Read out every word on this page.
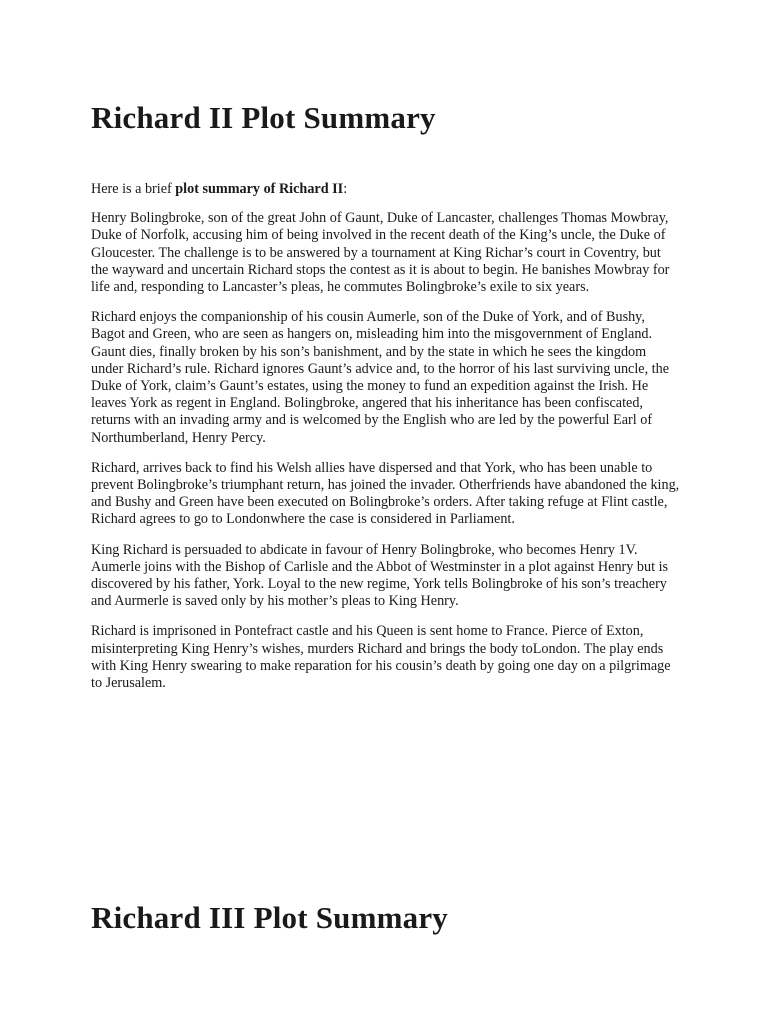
Richard II Plot Summary

Here is a brief plot summary of Richard II:

Henry Bolingbroke, son of the great John of Gaunt, Duke of Lancaster, challenges Thomas Mowbray, Duke of Norfolk, accusing him of being involved in the recent death of the King’s uncle, the Duke of Gloucester. The challenge is to be answered by a tournament at King Richar’s court in Coventry, but the wayward and uncertain Richard stops the contest as it is about to begin. He banishes Mowbray for life and, responding to Lancaster’s pleas, he commutes Bolingbroke’s exile to six years.

Richard enjoys the companionship of his cousin Aumerle, son of the Duke of York, and of Bushy, Bagot and Green, who are seen as hangers on, misleading him into the misgovernment of England. Gaunt dies, finally broken by his son’s banishment, and by the state in which he sees the kingdom under Richard’s rule. Richard ignores Gaunt’s advice and, to the horror of his last surviving uncle, the Duke of York, claim’s Gaunt’s estates, using the money to fund an expedition against the Irish. He leaves York as regent in England. Bolingbroke, angered that his inheritance has been confiscated, returns with an invading army and is welcomed by the English who are led by the powerful Earl of Northumberland, Henry Percy.

Richard, arrives back to find his Welsh allies have dispersed and that York, who has been unable to prevent Bolingbroke’s triumphant return, has joined the invader. Otherfriends have abandoned the king, and Bushy and Green have been executed on Bolingbroke’s orders. After taking refuge at Flint castle, Richard agrees to go to Londonwhere the case is considered in Parliament.

King Richard is persuaded to abdicate in favour of Henry Bolingbroke, who becomes Henry 1V. Aumerle joins with the Bishop of Carlisle and the Abbot of Westminster in a plot against Henry but is discovered by his father, York. Loyal to the new regime, York tells Bolingbroke of his son’s treachery and Aurmerle is saved only by his mother’s pleas to King Henry.

Richard is imprisoned in Pontefract castle and his Queen is sent home to France. Pierce of Exton, misinterpreting King Henry’s wishes, murders Richard and brings the body toLondon. The play ends with King Henry swearing to make reparation for his cousin’s death by going one day on a pilgrimage to Jerusalem.

Richard III Plot Summary
